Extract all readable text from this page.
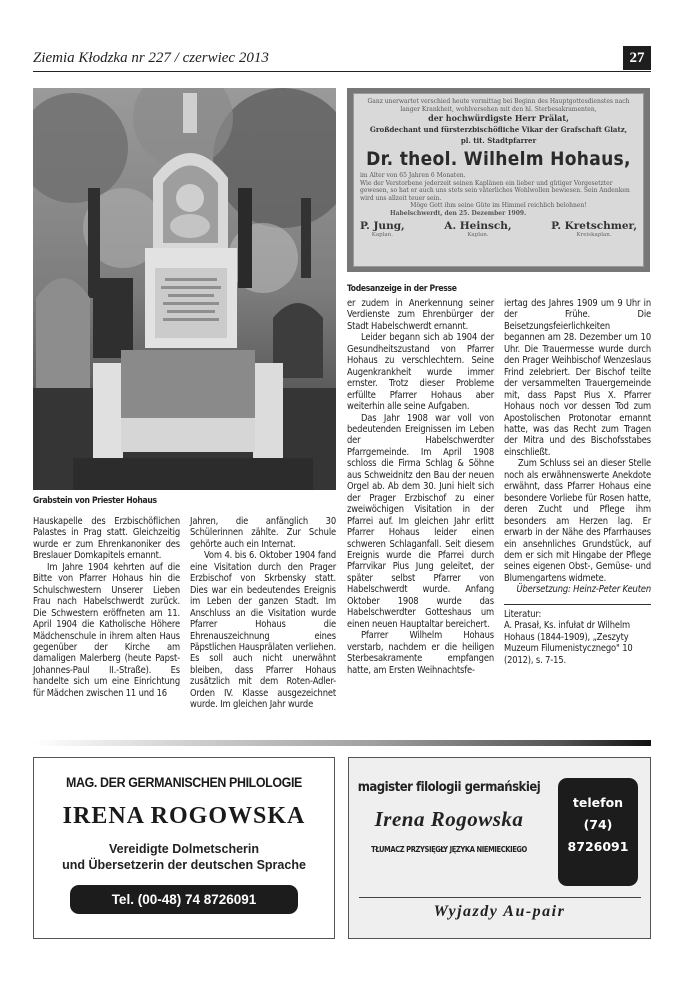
Ziemia Kłodzka nr 227 / czerwiec 2013	27
Grabstein von Priester Hohaus
Ganz unerwartet verschied heute vormittag bei Beginn des Hauptgottesdienstes nach langer Krankheit, wohlversehen mit den hl. Sterbesakramenten,
der hochwürdigste Herr Prälat,
Großdechant und fürsterzbischöfliche Vikar der Grafschaft Glatz,
pl. tit. Stadtpfarrer
Dr. theol. Wilhelm Hohaus,
im Alter von 65 Jahren 6 Monaten.
Wie der Verstorbene jederzeit seinen Kaplänen ein lieber und gütiger Vorgesetzter gewesen, so hat er auch uns stets sein väterliches Wohlwollen bewiesen. Sein Andenken wird uns allzeit teuer sein.
Möge Gott ihm seine Güte im Himmel reichlich belohnen!
Habelschwerdt, den 25. Dezember 1909.
P. Jung,
Kaplan.
A. Heinsch,
Kaplan.
P. Kretschmer,
Kreiskaplan.
Todesanzeige in der Presse

Hauskapelle des Erzbischöflichen Palastes in Prag statt. Gleichzeitig wurde er zum Ehrenkanoniker des Breslauer Domkapitels ernannt.

Im Jahre 1904 kehrten auf die Bitte von Pfarrer Hohaus hin die Schulschwestern Unserer Lieben Frau nach Habelschwerdt zurück. Die Schwestern eröffneten am 11. April 1904 die Katholische Höhere Mädchenschule in ihrem alten Haus gegenüber der Kirche am damaligen Malerberg (heute Papst-Johannes-Paul II.-Straße). Es handelte sich um eine Einrichtung für Mädchen zwischen 11 und 16

Jahren, die anfänglich 30 Schülerinnen zählte. Zur Schule gehörte auch ein Internat.

Vom 4. bis 6. Oktober 1904 fand eine Visitation durch den Prager Erzbischof von Skrbensky statt. Dies war ein bedeutendes Ereignis im Leben der ganzen Stadt. Im Anschluss an die Visitation wurde Pfarrer Hohaus die Ehrenauszeichnung eines Päpstlichen Hausprälaten verliehen. Es soll auch nicht unerwähnt bleiben, dass Pfarrer Hohaus zusätzlich mit dem Roten-Adler-Orden IV. Klasse ausgezeichnet wurde. Im gleichen Jahr wurde

er zudem in Anerkennung seiner Verdienste zum Ehrenbürger der Stadt Habelschwerdt ernannt.

Leider begann sich ab 1904 der Gesundheitszustand von Pfarrer Hohaus zu verschlechtern. Seine Augenkrankheit wurde immer ernster. Trotz dieser Probleme erfüllte Pfarrer Hohaus aber weiterhin alle seine Aufgaben.

Das Jahr 1908 war voll von bedeutenden Ereignissen im Leben der Habelschwerdter Pfarrgemeinde. Im April 1908 schloss die Firma Schlag & Söhne aus Schweidnitz den Bau der neuen Orgel ab. Ab dem 30. Juni hielt sich der Prager Erzbischof zu einer zweiwöchigen Visitation in der Pfarrei auf. Im gleichen Jahr erlitt Pfarrer Hohaus leider einen schweren Schlaganfall. Seit diesem Ereignis wurde die Pfarrei durch Pfarrvikar Pius Jung geleitet, der später selbst Pfarrer von Habelschwerdt wurde. Anfang Oktober 1908 wurde das Habelschwerdter Gotteshaus um einen neuen Hauptaltar bereichert.

Pfarrer Wilhelm Hohaus verstarb, nachdem er die heiligen Sterbesakramente empfangen hatte, am Ersten Weihnachtsfe-

iertag des Jahres 1909 um 9 Uhr in der Frühe. Die Beisetzungsfeierlichkeiten begannen am 28. Dezember um 10 Uhr. Die Trauermesse wurde durch den Prager Weihbischof Wenzeslaus Frind zelebriert. Der Bischof teilte der versammelten Trauergemeinde mit, dass Papst Pius X. Pfarrer Hohaus noch vor dessen Tod zum Apostolischen Protonotar ernannt hatte, was das Recht zum Tragen der Mitra und des Bischofsstabes einschließt.

Zum Schluss sei an dieser Stelle noch als erwähnenswerte Anekdote erwähnt, dass Pfarrer Hohaus eine besondere Vorliebe für Rosen hatte, deren Zucht und Pflege ihm besonders am Herzen lag. Er erwarb in der Nähe des Pfarrhauses ein ansehnliches Grundstück, auf dem er sich mit Hingabe der Pflege seines eigenen Obst-, Gemüse- und Blumengartens widmete.

Übersetzung: Heinz-Peter Keuten

Literatur:

A. Prasał, Ks. infułat dr Wilhelm Hohaus (1844-1909), „Zeszyty Muzeum Filumenistycznego" 10 (2012), s. 7-15.

MAG. DER GERMANISCHEN PHILOLOGIE
IRENA ROGOWSKA
Vereidigte Dolmetscherin
und Übersetzerin der deutschen Sprache
Tel. (00-48) 74 8726091
magister filologii germańskiej
Irena Rogowska
TŁUMACZ PRZYSIĘGŁY JĘZYKA NIEMIECKIEGO
telefon
(74)
8726091
Wyjazdy Au-pair
